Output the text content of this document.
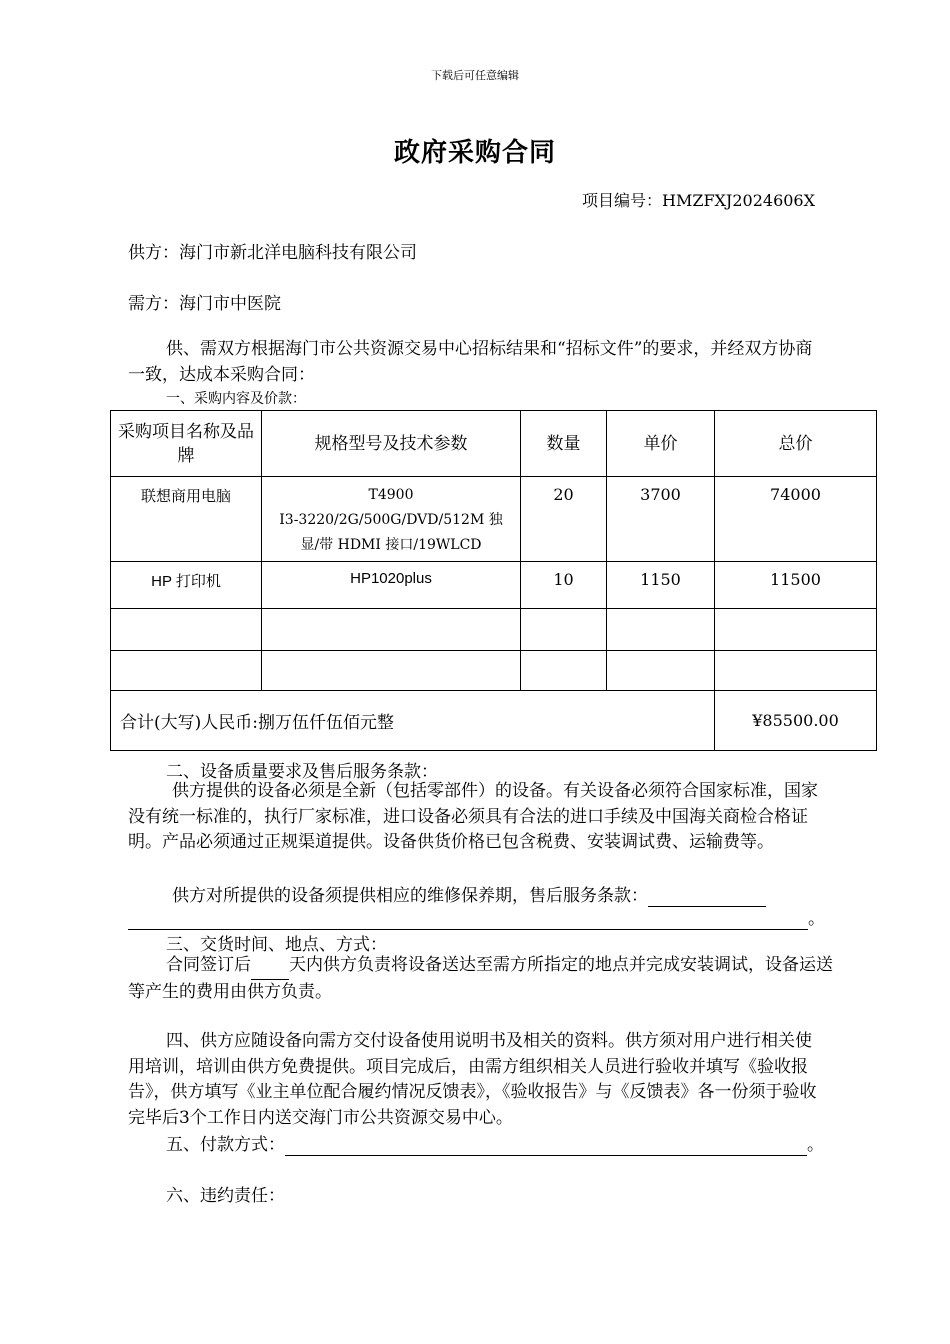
下载后可任意编辑
政府采购合同
项目编号：HMZFXJ2024606X
供方：海门市新北洋电脑科技有限公司
需方：海门市中医院
供、需双方根据海门市公共资源交易中心招标结果和“招标文件”的要求，并经双方协商一致，达成本采购合同：
一、采购内容及价款：
采购项目名称及品牌	规格型号及技术参数	数量	单价	总价
联想商用电脑	T4900
I3-3220/2G/500G/DVD/512M 独
显/带 HDMI 接口/19WLCD	20	3700	74000
HP 打印机	HP1020plus	10	1150	11500

合计(大写)人民币:捌万伍仟伍佰元整				¥85500.00
二、设备质量要求及售后服务条款：
供方提供的设备必须是全新（包括零部件）的设备。有关设备必须符合国家标准，国家没有统一标准的，执行厂家标准，进口设备必须具有合法的进口手续及中国海关商检合格证明。产品必须通过正规渠道提供。设备供货价格已包含税费、安装调试费、运输费等。
供方对所提供的设备须提供相应的维修保养期，售后服务条款：
。
三、交货时间、地点、方式：
合同签订后 天内供方负责将设备送达至需方所指定的地点并完成安装调试，设备运送等产生的费用由供方负责。
四、供方应随设备向需方交付设备使用说明书及相关的资料。供方须对用户进行相关使用培训，培训由供方免费提供。项目完成后，由需方组织相关人员进行验收并填写《验收报告》，供方填写《业主单位配合履约情况反馈表》，《验收报告》与《反馈表》各一份须于验收完毕后3个工作日内送交海门市公共资源交易中心。
五、付款方式：	。
六、违约责任：
